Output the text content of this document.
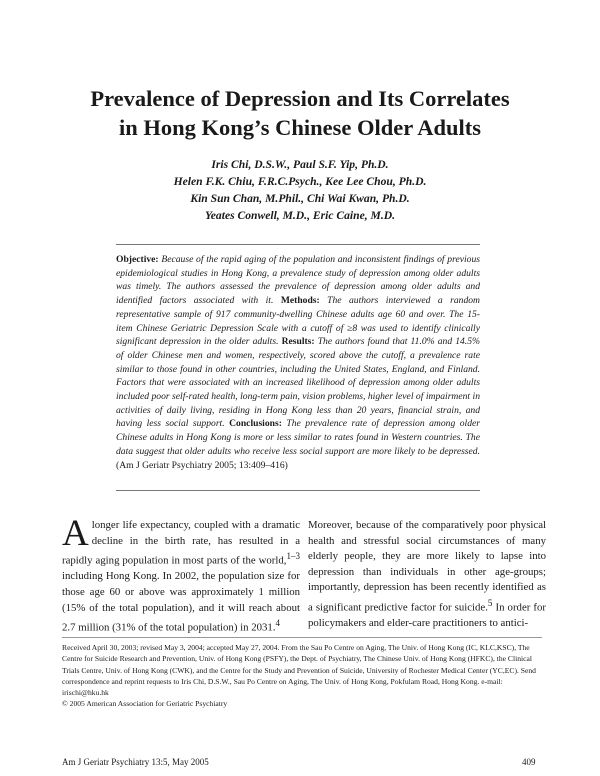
Prevalence of Depression and Its Correlates
in Hong Kong’s Chinese Older Adults

Iris Chi, D.S.W., Paul S.F. Yip, Ph.D.
Helen F.K. Chiu, F.R.C.Psych., Kee Lee Chou, Ph.D.
Kin Sun Chan, M.Phil., Chi Wai Kwan, Ph.D.
Yeates Conwell, M.D., Eric Caine, M.D.

Objective: Because of the rapid aging of the population and inconsistent findings of previous epidemiological studies in Hong Kong, a prevalence study of depression among older adults was timely. The authors assessed the prevalence of depression among older adults and identified factors associated with it. Methods: The authors interviewed a random representative sample of 917 community-dwelling Chinese adults age 60 and over. The 15-item Chinese Geriatric Depression Scale with a cutoff of ≥8 was used to identify clinically significant depression in the older adults. Results: The authors found that 11.0% and 14.5% of older Chinese men and women, respectively, scored above the cutoff, a prevalence rate similar to those found in other countries, including the United States, England, and Finland. Factors that were associated with an increased likelihood of depression among older adults included poor self-rated health, long-term pain, vision problems, higher level of impairment in activities of daily living, residing in Hong Kong less than 20 years, financial strain, and having less social support. Conclusions: The prevalence rate of depression among older Chinese adults in Hong Kong is more or less similar to rates found in Western countries. The data suggest that older adults who receive less social support are more likely to be depressed. (Am J Geriatr Psychiatry 2005; 13:409–416)

Alonger life expectancy, coupled with a dramatic decline in the birth rate, has resulted in a rapidly aging population in most parts of the world,$^{1-3}$ including Hong Kong. In 2002, the population size for those age 60 or above was approximately 1 million (15% of the total population), and it will reach about 2.7 million (31% of the total population) in 2031.$^4$

Moreover, because of the comparatively poor physical health and stressful social circumstances of many elderly people, they are more likely to lapse into depression than individuals in other age-groups; importantly, depression has been recently identified as a significant predictive factor for suicide.$^5$ In order for policymakers and elder-care practitioners to antici-

Received April 30, 2003; revised May 3, 2004; accepted May 27, 2004. From the Sau Po Centre on Aging, The Univ. of Hong Kong (IC, KLC,KSC), The Centre for Suicide Research and Prevention, Univ. of Hong Kong (PSFY), the Dept. of Psychiatry, The Chinese Univ. of Hong Kong (HFKC), the Clinical Trials Centre, Univ. of Hong Kong (CWK), and the Centre for the Study and Prevention of Suicide, University of Rochester Medical Center (YC,EC). Send correspondence and reprint requests to Iris Chi, D.S.W., Sau Po Centre on Aging, The Univ. of Hong Kong, Pokfulam Road, Hong Kong. e-mail: irischi@hku.hk
© 2005 American Association for Geriatric Psychiatry

Am J Geriatr Psychiatry 13:5, May 2005	409
